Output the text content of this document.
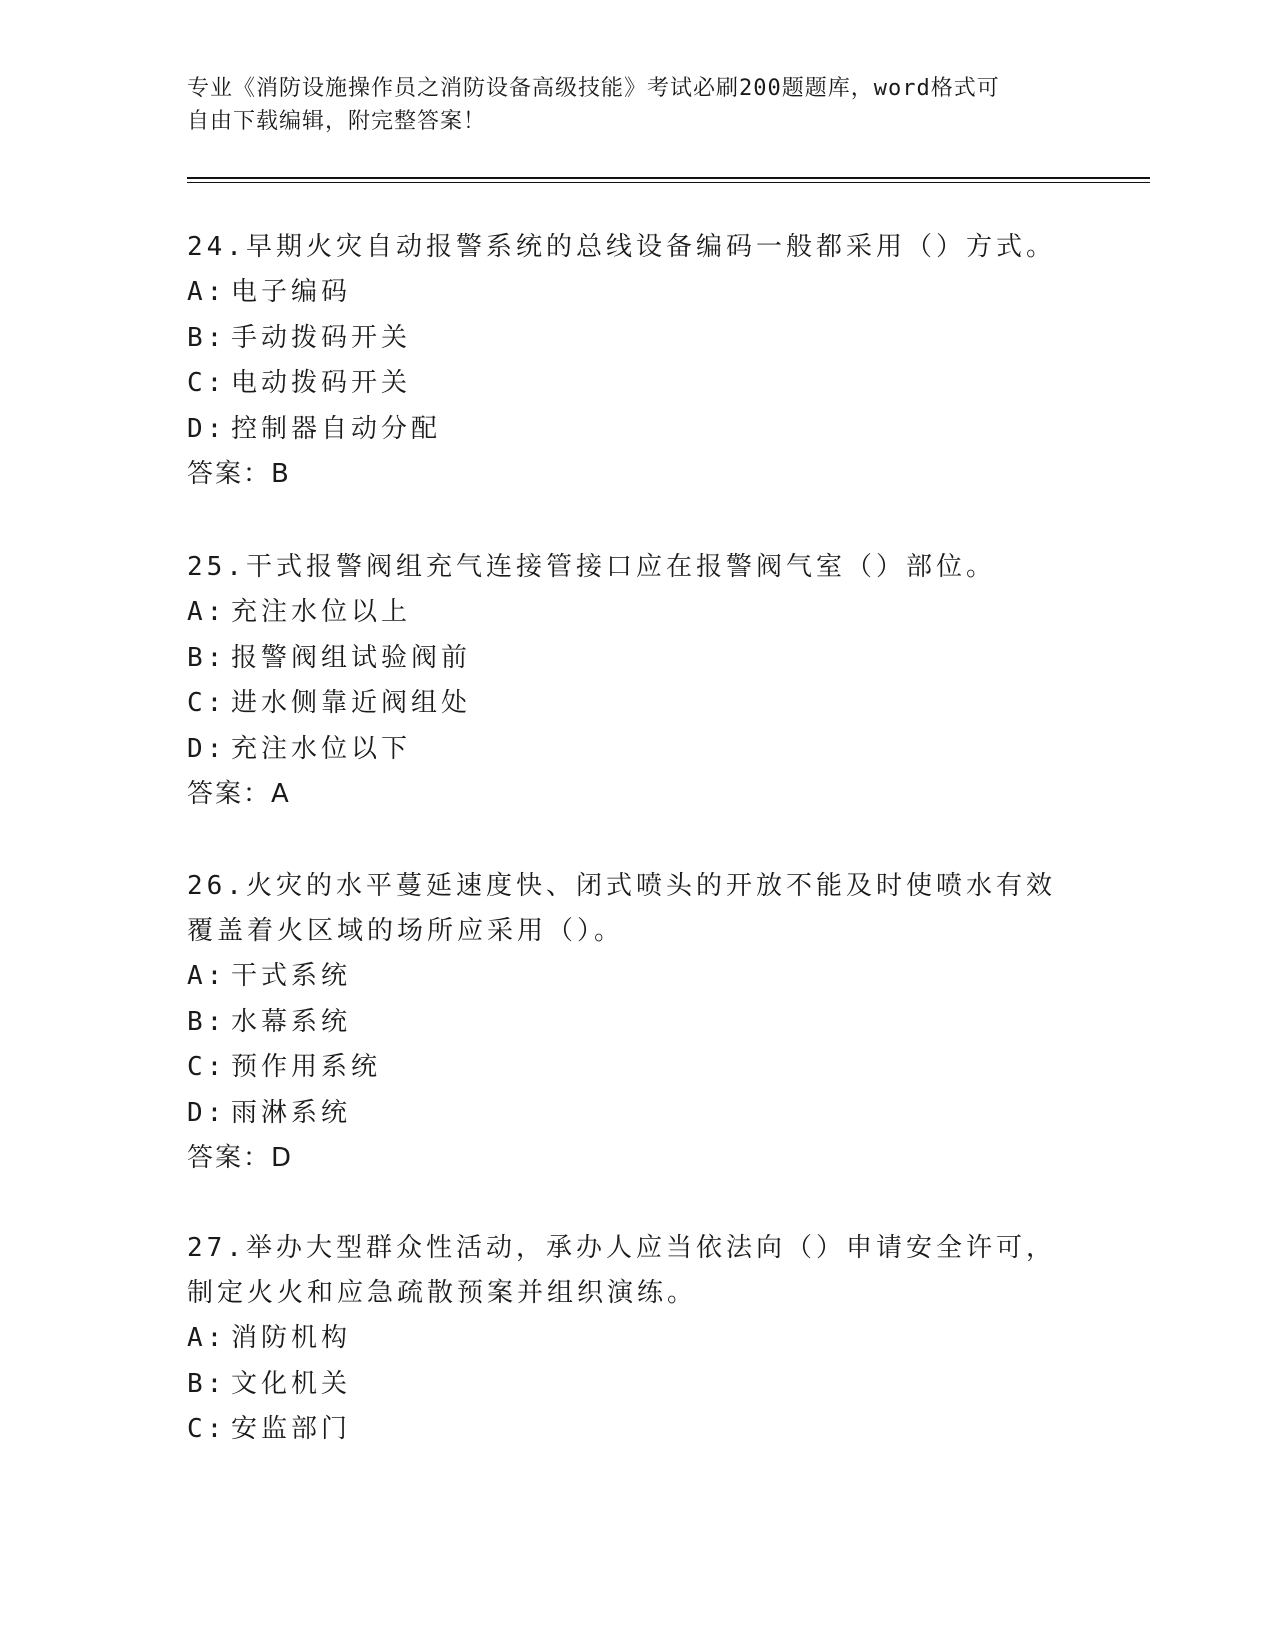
专业《消防设施操作员之消防设备高级技能》考试必刷200题题库，word格式可
自由下载编辑，附完整答案！

24.早期火灾自动报警系统的总线设备编码一般都采用（）方式。

A: 电子编码

B: 手动拨码开关

C: 电动拨码开关

D: 控制器自动分配

答案：B

25.干式报警阀组充气连接管接口应在报警阀气室（）部位。

A: 充注水位以上

B: 报警阀组试验阀前

C: 进水侧靠近阀组处

D: 充注水位以下

答案：A

26.火灾的水平蔓延速度快、闭式喷头的开放不能及时使喷水有效覆盖着火区域的场所应采用（）。

A: 干式系统

B: 水幕系统

C: 预作用系统

D: 雨淋系统

答案：D

27.举办大型群众性活动，承办人应当依法向（）申请安全许可，制定火火和应急疏散预案并组织演练。

A: 消防机构

B: 文化机关

C: 安监部门
